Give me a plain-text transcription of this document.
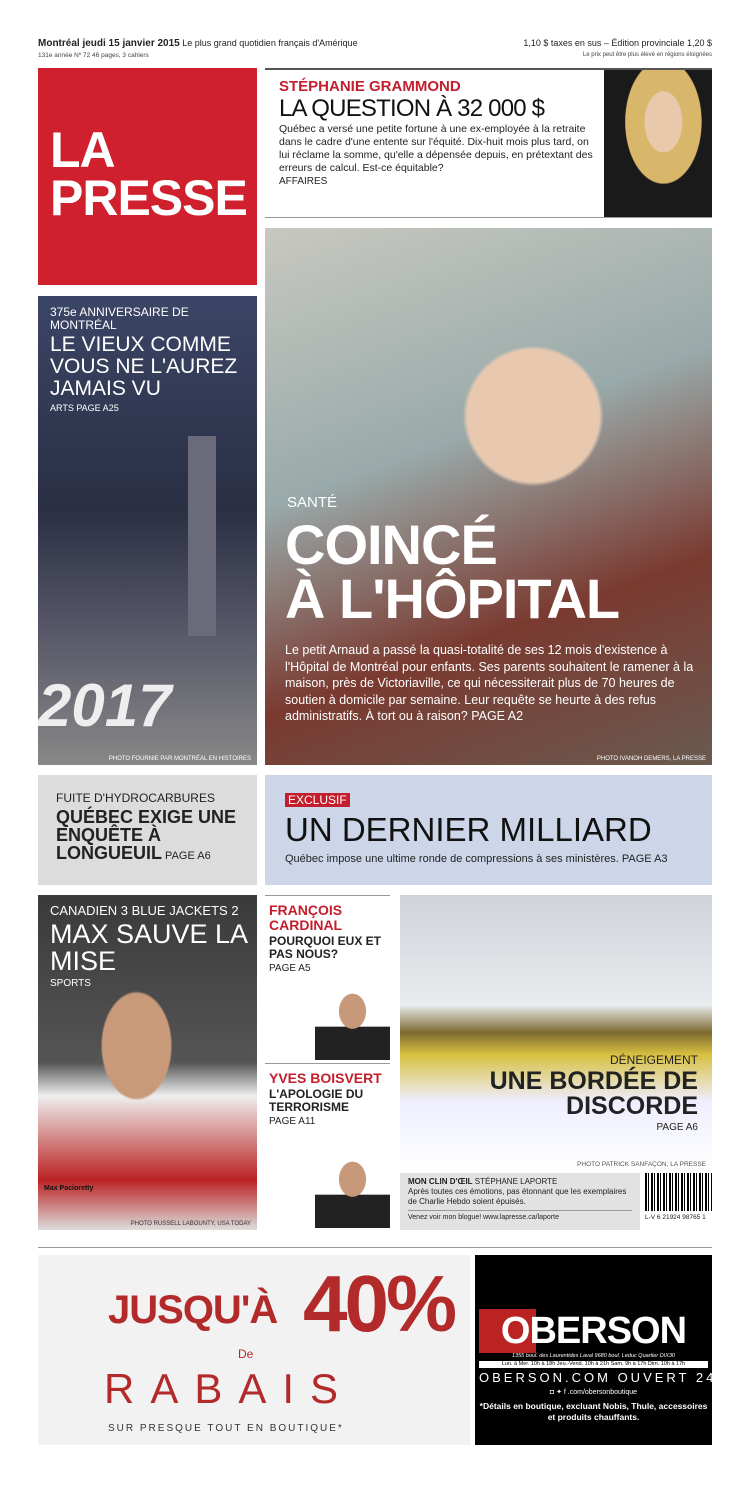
Montréal jeudi 15 janvier 2015 Le plus grand quotidien français d'Amérique
131e année Nº 72 46 pages, 3 cahiers
1,10 $ taxes en sus – Édition provinciale 1,20 $
Le prix peut être plus élevé en régions éloignées
LA
PRESSE
STÉPHANIE GRAMMOND
LA QUESTION À 32 000 $

Québec a versé une petite fortune à une ex-employée à la retraite dans le cadre d'une entente sur l'équité. Dix-huit mois plus tard, on lui réclame la somme, qu'elle a dépensée depuis, en prétextant des erreurs de calcul. Est-ce équitable?

AFFAIRES
375e ANNIVERSAIRE DE MONTRÉAL
LE VIEUX COMME VOUS NE L'AUREZ JAMAIS VU
ARTS PAGE A25
2017
PHOTO FOURNIE PAR MONTRÉAL EN HISTOIRES
SANTÉ
COINCÉ
À L'HÔPITAL

Le petit Arnaud a passé la quasi-totalité de ses 12 mois d'existence à l'Hôpital de Montréal pour enfants. Ses parents souhaitent le ramener à la maison, près de Victoriaville, ce qui nécessiterait plus de 70 heures de soutien à domicile par semaine. Leur requête se heurte à des refus administratifs. À tort ou à raison? PAGE A2

PHOTO IVANOH DEMERS, LA PRESSE
FUITE D'HYDROCARBURES
QUÉBEC EXIGE UNE ENQUÊTE À LONGUEUIL PAGE A6
EXCLUSIF
UN DERNIER MILLIARD

Québec impose une ultime ronde de compressions à ses ministères. PAGE A3

CANADIEN 3 BLUE JACKETS 2
MAX SAUVE LA MISE
SPORTS
Max Pacioretty
PHOTO RUSSELL LABOUNTY, USA TODAY
FRANÇOIS CARDINAL
POURQUOI EUX ET PAS NOUS?
PAGE A5
YVES BOISVERT
L'APOLOGIE DU TERRORISME
PAGE A11
DÉNEIGEMENT
UNE BORDÉE DE DISCORDE
PAGE A6
PHOTO PATRICK SANFAÇON, LA PRESSE
MON CLIN D'ŒIL STÉPHANE LAPORTE
Après toutes ces émotions, pas étonnant que les exemplaires de Charlie Hebdo soient épuisés.
Venez voir mon blogue! www.lapresse.ca/laporte	L-V 6 21924 98765 1
JUSQU'À 40%
De
RABAIS
SUR PRESQUE TOUT EN BOUTIQUE*
OBERSON
1355 boul. des Laurentides Laval 9680 boul. Leduc Quartier DIX30
Lun. à Mer. 10h à 18h Jeu.-Vend. 10h à 21h Sam. 9h à 17h Dim. 10h à 17h
OBERSON.COM OUVERT 24H
◘ ✦ f .com/obersonboutique
*Détails en boutique, excluant Nobis, Thule, accessoires et produits chauffants.
